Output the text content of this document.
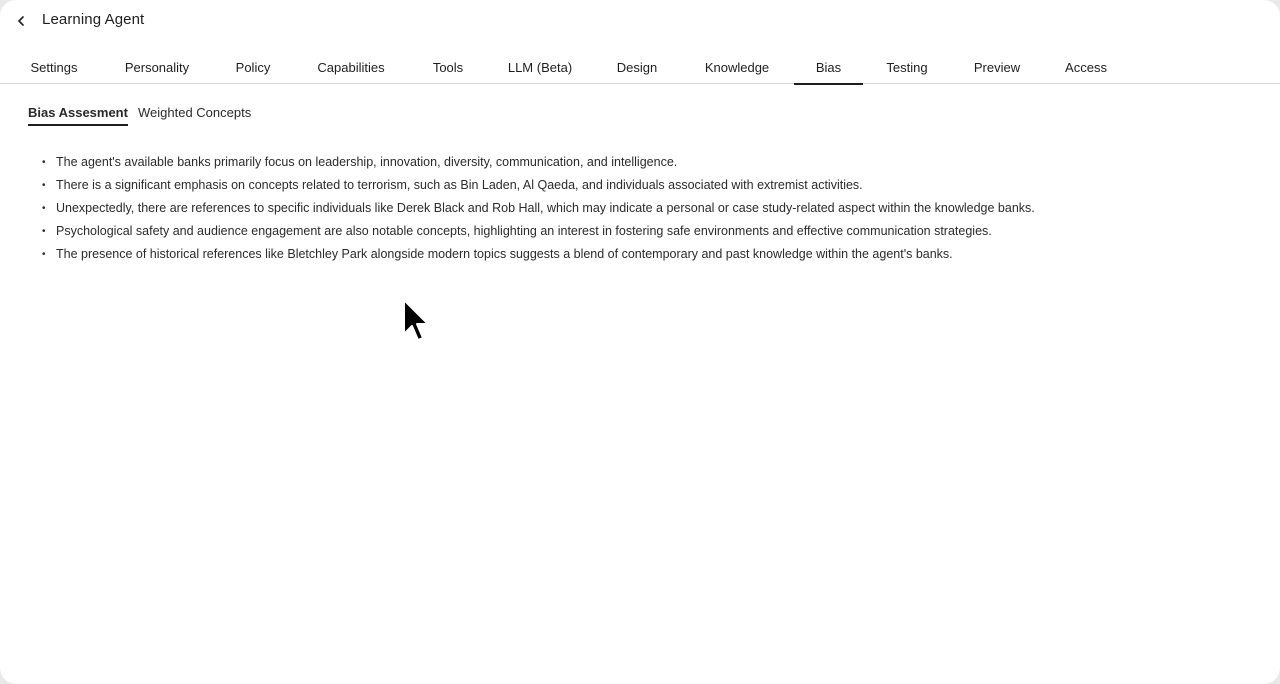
Learning Agent
Settings	Personality	Policy	Capabilities	Tools	LLM (Beta)	Design	Knowledge	Bias	Testing	Preview	Access
Bias Assesment Weighted Concepts
• The agent's available banks primarily focus on leadership, innovation, diversity, communication, and intelligence.
• There is a significant emphasis on concepts related to terrorism, such as Bin Laden, Al Qaeda, and individuals associated with extremist activities.
• Unexpectedly, there are references to specific individuals like Derek Black and Rob Hall, which may indicate a personal or case study-related aspect within the knowledge banks.
• Psychological safety and audience engagement are also notable concepts, highlighting an interest in fostering safe environments and effective communication strategies.
• The presence of historical references like Bletchley Park alongside modern topics suggests a blend of contemporary and past knowledge within the agent's banks.
